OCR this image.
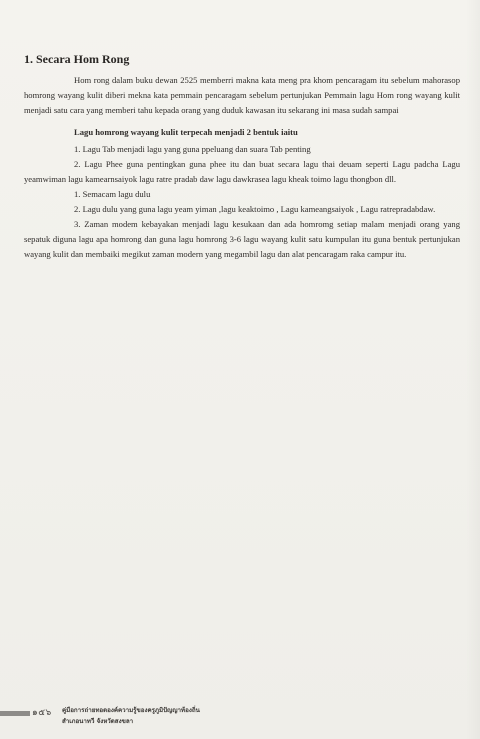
1. Secara Hom Rong

Hom rong dalam buku dewan 2525 memberri makna kata meng pra khom pencaragam itu sebelum mahorasop homrong wayang kulit diberi mekna kata pemmain pencaragam sebelum pertunjukan Pemmain lagu Hom rong wayang kulit menjadi satu cara yang memberi tahu kepada orang yang duduk kawasan itu sekarang ini masa sudah sampai

Lagu homrong wayang kulit terpecah menjadi 2 bentuk iaitu

1. Lagu Tab menjadi lagu yang guna ppeluang dan suara Tab penting

2. Lagu Phee guna pentingkan guna phee itu dan buat secara lagu thai deuam seperti Lagu padcha Lagu yeamwiman lagu kamearnsaiyok lagu ratre pradab daw lagu dawkrasea lagu kheak toimo lagu thongbon dll.

1. Semacam lagu dulu

2. Lagu dulu yang guna lagu yeam yiman ,lagu keaktoimo , Lagu kameangsaiyok , Lagu ratrepradabdaw.

3. Zaman modem kebayakan menjadi lagu kesukaan dan ada homromg setiap malam menjadi orang yang sepatuk diguna lagu apa homrong dan guna lagu homrong 3-6 lagu wayang kulit satu kumpulan itu guna bentuk pertunjukan wayang kulit dan membaiki megikut zaman modern yang megambil lagu dan alat pencaragam raka campur itu.

๑๕๖ คู่มือการถ่ายทอดองค์ความรู้ของครูภูมิปัญญาท้องถิ่น
สำเภอนาทวี จังหวัดสงขลา
